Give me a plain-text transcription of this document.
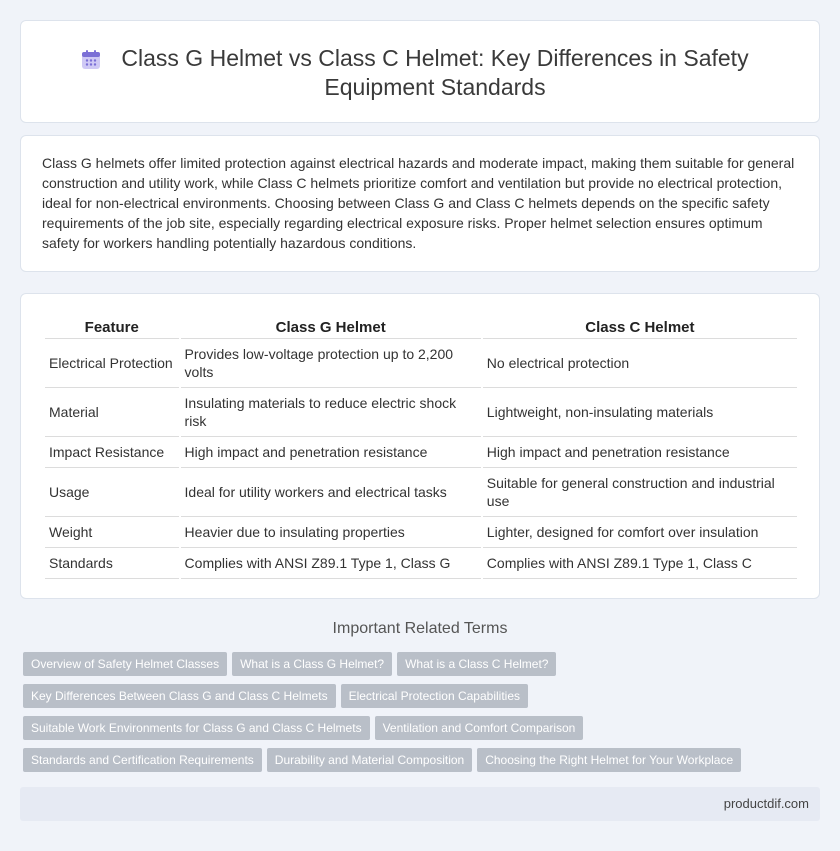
Class G Helmet vs Class C Helmet: Key Differences in Safety Equipment Standards

Class G helmets offer limited protection against electrical hazards and moderate impact, making them suitable for general construction and utility work, while Class C helmets prioritize comfort and ventilation but provide no electrical protection, ideal for non-electrical environments. Choosing between Class G and Class C helmets depends on the specific safety requirements of the job site, especially regarding electrical exposure risks. Proper helmet selection ensures optimum safety for workers handling potentially hazardous conditions.

Feature	Class G Helmet	Class C Helmet
Electrical Protection	Provides low-voltage protection up to 2,200 volts	No electrical protection
Material	Insulating materials to reduce electric shock risk	Lightweight, non-insulating materials
Impact Resistance	High impact and penetration resistance	High impact and penetration resistance
Usage	Ideal for utility workers and electrical tasks	Suitable for general construction and industrial use
Weight	Heavier due to insulating properties	Lighter, designed for comfort over insulation
Standards	Complies with ANSI Z89.1 Type 1, Class G	Complies with ANSI Z89.1 Type 1, Class C
Important Related Terms
Overview of Safety Helmet Classes What is a Class G Helmet? What is a Class C Helmet?
Key Differences Between Class G and Class C Helmets Electrical Protection Capabilities
Suitable Work Environments for Class G and Class C Helmets Ventilation and Comfort Comparison
Standards and Certification Requirements Durability and Material Composition Choosing the Right Helmet for Your Workplace
productdif.com
